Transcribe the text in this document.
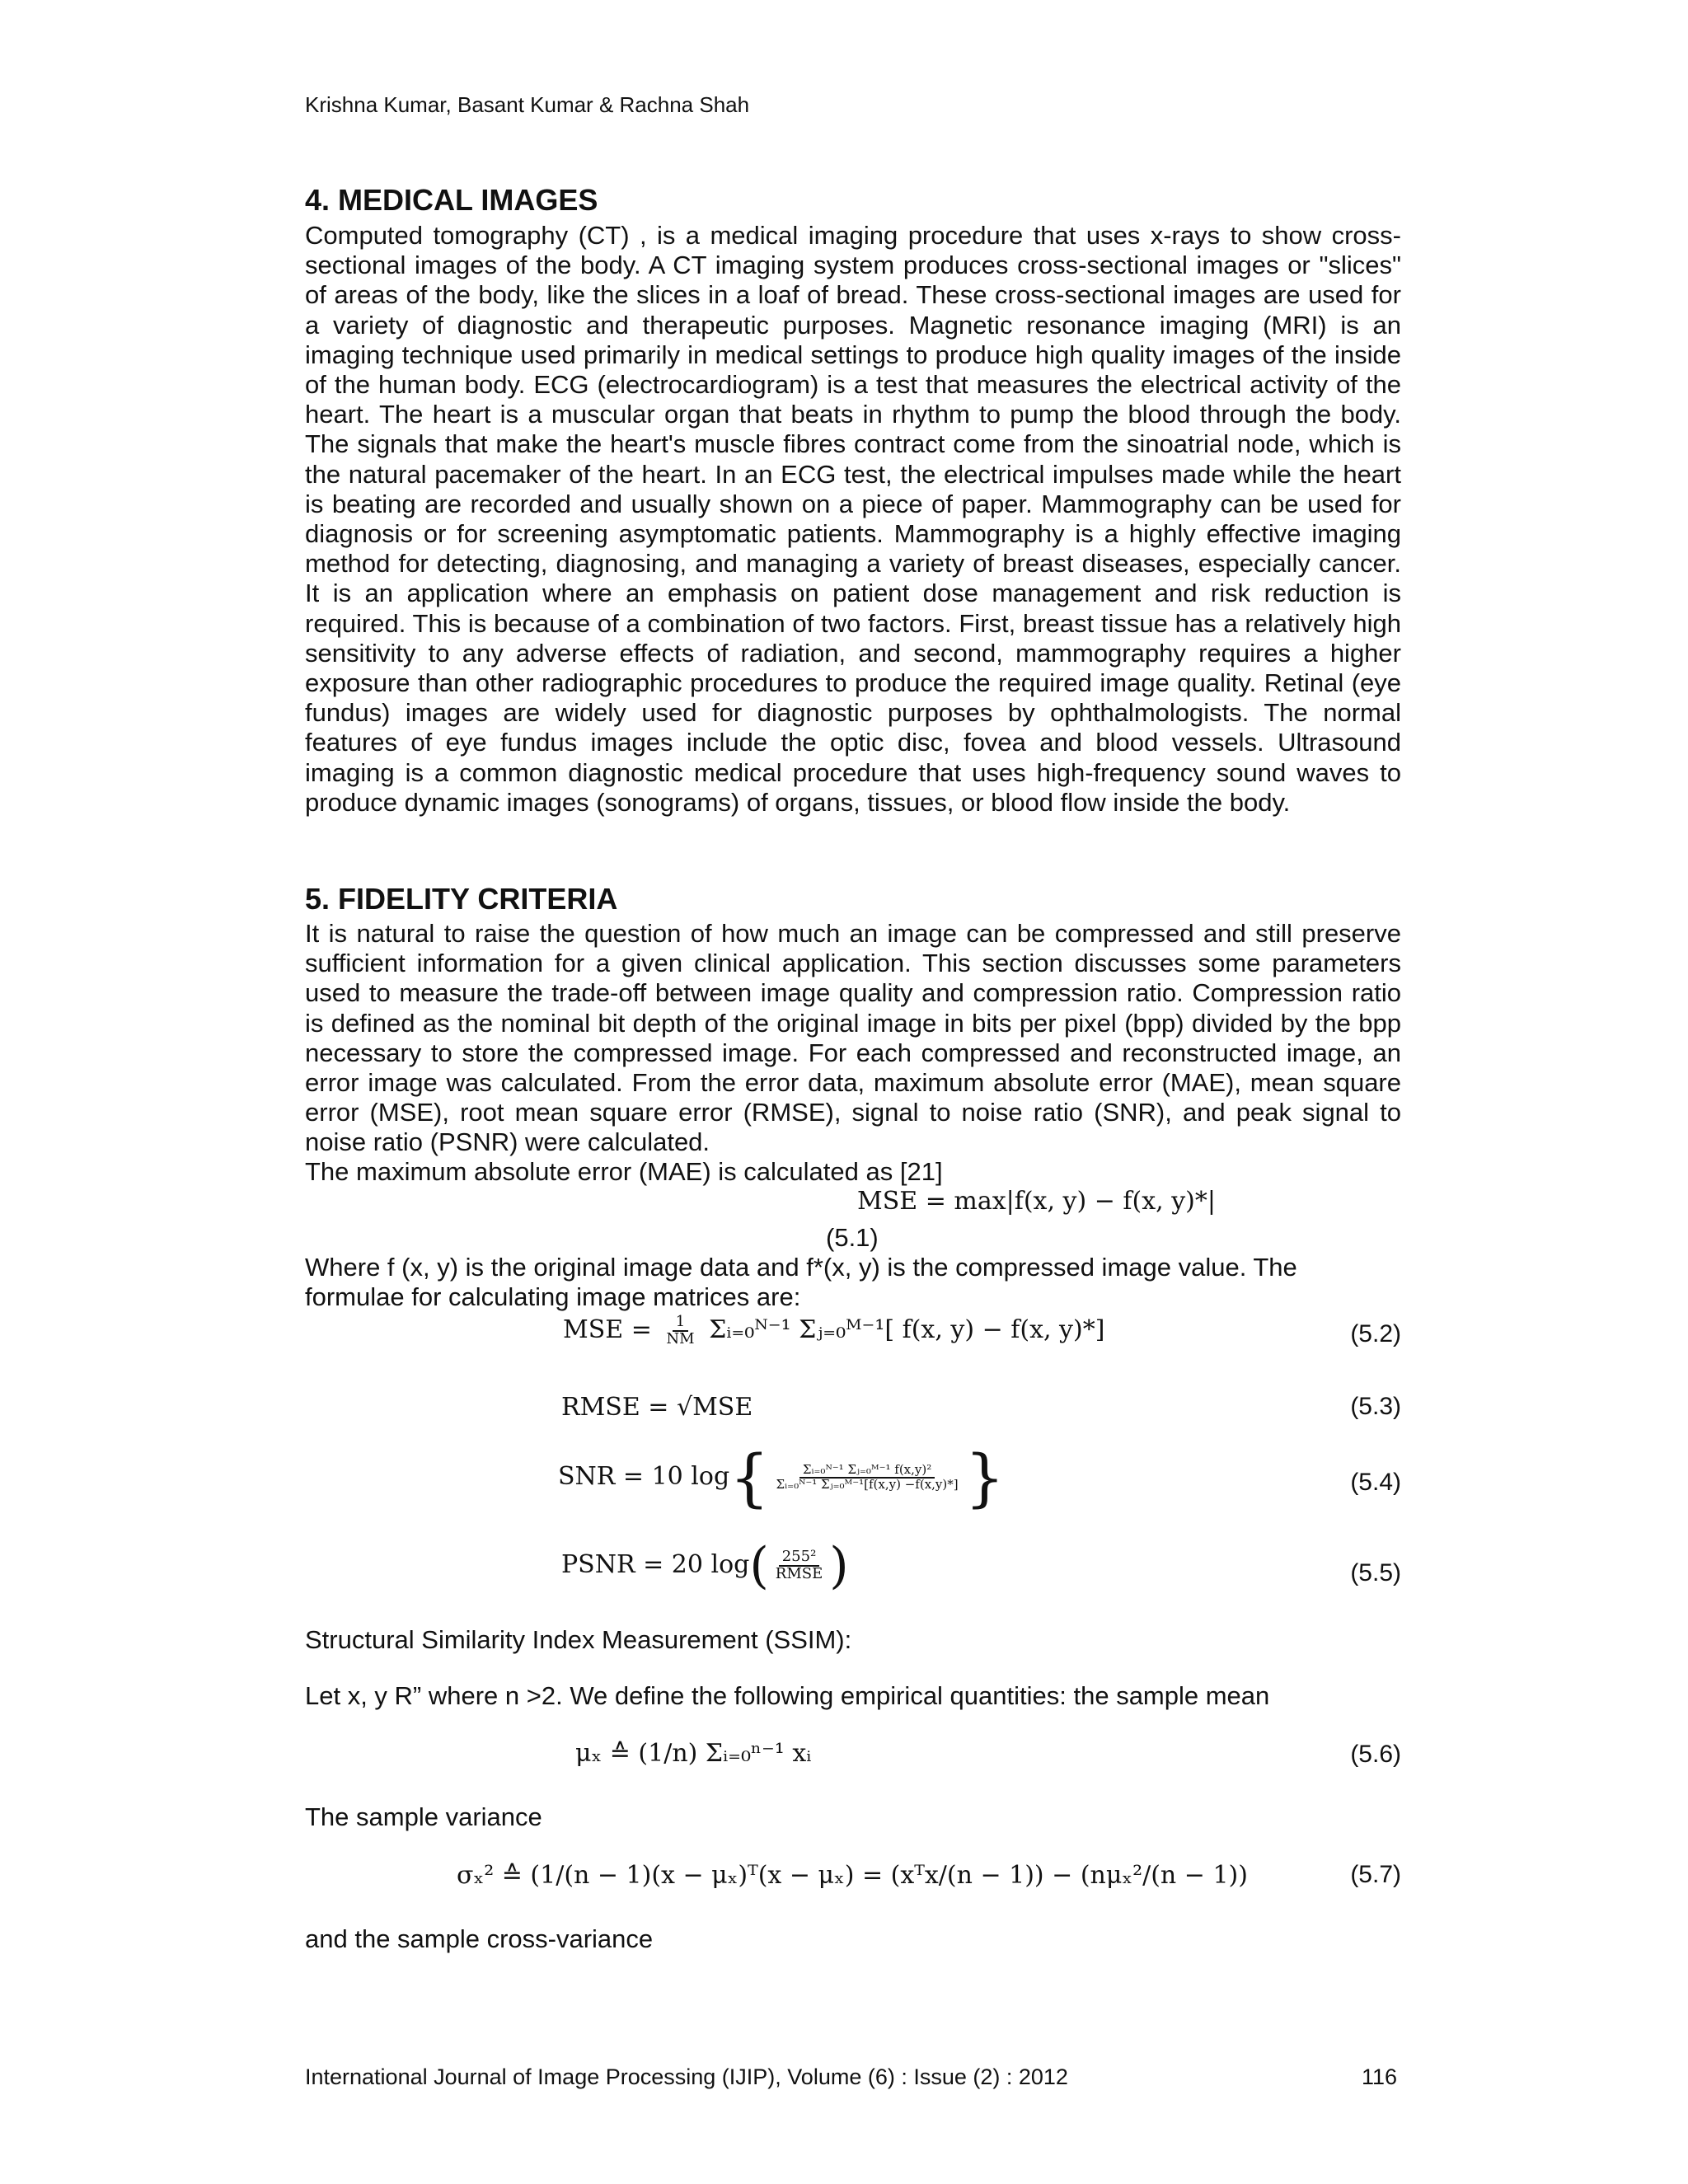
Krishna Kumar, Basant Kumar & Rachna Shah
4. MEDICAL IMAGES

Computed tomography (CT) , is a medical imaging procedure that uses x-rays to show cross-sectional images of the body. A CT imaging system produces cross-sectional images or "slices" of areas of the body, like the slices in a loaf of bread. These cross-sectional images are used for a variety of diagnostic and therapeutic purposes. Magnetic resonance imaging (MRI) is an imaging technique used primarily in medical settings to produce high quality images of the inside of the human body. ECG (electrocardiogram) is a test that measures the electrical activity of the heart. The heart is a muscular organ that beats in rhythm to pump the blood through the body. The signals that make the heart's muscle fibres contract come from the sinoatrial node, which is the natural pacemaker of the heart. In an ECG test, the electrical impulses made while the heart is beating are recorded and usually shown on a piece of paper. Mammography can be used for diagnosis or for screening asymptomatic patients. Mammography is a highly effective imaging method for detecting, diagnosing, and managing a variety of breast diseases, especially cancer. It is an application where an emphasis on patient dose management and risk reduction is required. This is because of a combination of two factors. First, breast tissue has a relatively high sensitivity to any adverse effects of radiation, and second, mammography requires a higher exposure than other radiographic procedures to produce the required image quality. Retinal (eye fundus) images are widely used for diagnostic purposes by ophthalmologists. The normal features of eye fundus images include the optic disc, fovea and blood vessels. Ultrasound imaging is a common diagnostic medical procedure that uses high-frequency sound waves to produce dynamic images (sonograms) of organs, tissues, or blood flow inside the body.

5. FIDELITY CRITERIA

It is natural to raise the question of how much an image can be compressed and still preserve sufficient information for a given clinical application. This section discusses some parameters used to measure the trade-off between image quality and compression ratio. Compression ratio is defined as the nominal bit depth of the original image in bits per pixel (bpp) divided by the bpp necessary to store the compressed image. For each compressed and reconstructed image, an error image was calculated. From the error data, maximum absolute error (MAE), mean square error (MSE), root mean square error (RMSE), signal to noise ratio (SNR), and peak signal to noise ratio (PSNR) were calculated.

The maximum absolute error (MAE) is calculated as [21]
MSE = max|f(x, y) − f(x, y)*|
(5.1)
Where f (x, y) is the original image data and f*(x, y) is the compressed image value. The
formulae for calculating image matrices are:
MSE = $\frac{1}{NM}$ Σᵢ₌₀ᴺ⁻¹ Σⱼ₌₀ᴹ⁻¹[ f(x, y) − f(x, y)*]	(5.2)
RMSE = √MSE	(5.3)
SNR = 10 $\log\{ \frac{\text{Σᵢ₌₀ᴺ⁻¹ Σⱼ₌₀ᴹ⁻¹ f(x,y)²}}{\text{Σᵢ₌₀ᴺ⁻¹ Σⱼ₌₀ᴹ⁻¹[f(x,y) −f(x,y)*]}}$ }	(5.4)
PSNR = 20 $\log( \frac{\text{255²}}{\text{RMSE}}$ )	(5.5)
Structural Similarity Index Measurement (SSIM):
Let x, y R” where n >2. We define the following empirical quantities: the sample mean
μₓ ≙ (1/n) Σᵢ₌₀ⁿ⁻¹ xᵢ	(5.6)
The sample variance
σₓ² ≙ (1/(n − 1)(x − μₓ)ᵀ(x − μₓ) = (xᵀx/(n − 1)) − (nμₓ²/(n − 1))	(5.7)
and the sample cross-variance
International Journal of Image Processing (IJIP), Volume (6) : Issue (2) : 2012	116
